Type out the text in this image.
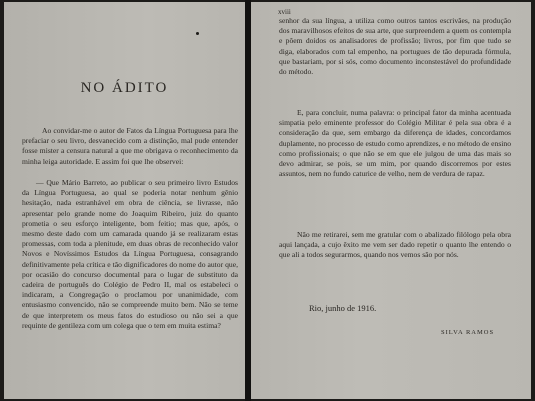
NO ÁDITO

Ao convidar-me o autor de Fatos da Língua Portuguesa para lhe prefaciar o seu livro, desvanecido com a distinção, mal pude entender fosse mister a censura natural a que me obrigava o reconhecimento da minha leiga autoridade. E assim foi que lhe observei:

— Que Mário Barreto, ao publicar o seu primeiro livro Estudos da Língua Portuguesa, ao qual se poderia notar nenhum gênio hesitação, nada estranhável em obra de ciência, se livrasse, não apresentar pelo grande nome do Joaquim Ribeiro, juiz do quanto prometia o seu esforço inteligente, bom feitio; mas que, após, o mesmo deste dado com um camarada quando já se realizaram estas promessas, com toda a plenitude, em duas obras de reconhecido valor Novos e Novíssimos Estudos da Língua Portuguesa, consagrando definitivamente pela crítica e tão dignificadores do nome do autor que, por ocasião do concurso documental para o lugar de substituto da cadeira de português do Colégio de Pedro II, mal os estabeleci o indicaram, a Congregação o proclamou por unanimidade, com entusiasmo convencido, não se compreende muito bem. Não se teme de que interpretem os meus fatos do estudioso ou não sei a que requinte de gentileza com um colega que o tem em muita estima?

xviii

senhor da sua língua, a utiliza como outros tantos escrivães, na produção dos maravilhosos efeitos de sua arte, que surpreendem a quem os contempla e põem doidos os analisadores de profissão; livros, por fim que tudo se diga, elaborados com tal empenho, na portugues de tão depurada fórmula, que bastariam, por si sós, como documento inconstestável do profundidade do método.

E, para concluir, numa palavra: o principal fator da minha acentuada simpatia pelo eminente professor do Colégio Militar é pela sua obra é a consideração da que, sem embargo da diferença de idades, concordamos duplamente, no processo de estudo como aprendizes, e no método de ensino como profissionais; o que não se em que ele julgou de uma das mais so devo admirar, se pois, se um mim, por quando discorremos por estes assuntos, nem no fundo caturice de velho, nem de verdura de rapaz.

Não me retirarei, sem me gratular com o abalizado filólogo pela obra aqui lançada, a cujo êxito me vem ser dado repetir o quanto lhe entendo o que ali a todos segurarmos, quando nos vemos são por nós.

Rio, junho de 1916.
SILVA RAMOS
